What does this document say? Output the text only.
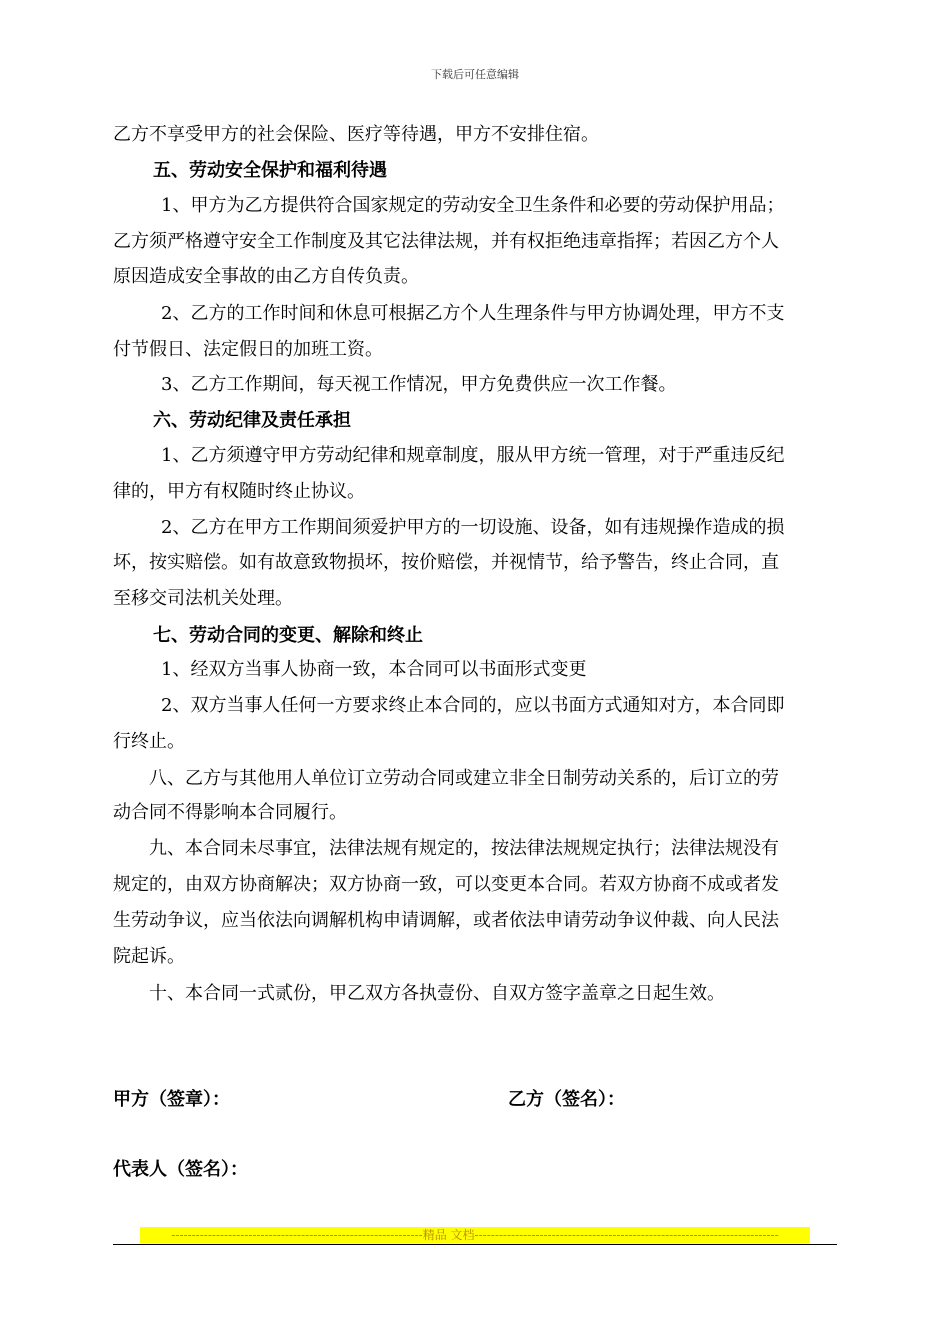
下载后可任意编辑
乙方不享受甲方的社会保险、医疗等待遇，甲方不安排住宿。
五、劳动安全保护和福利待遇
1、甲方为乙方提供符合国家规定的劳动安全卫生条件和必要的劳动保护用品；
乙方须严格遵守安全工作制度及其它法律法规，并有权拒绝违章指挥；若因乙方个人
原因造成安全事故的由乙方自传负责。
2、乙方的工作时间和休息可根据乙方个人生理条件与甲方协调处理，甲方不支
付节假日、法定假日的加班工资。
3、乙方工作期间，每天视工作情况，甲方免费供应一次工作餐。
六、劳动纪律及责任承担
1、乙方须遵守甲方劳动纪律和规章制度，服从甲方统一管理，对于严重违反纪
律的，甲方有权随时终止协议。
2、乙方在甲方工作期间须爱护甲方的一切设施、设备，如有违规操作造成的损
坏，按实赔偿。如有故意致物损坏，按价赔偿，并视情节，给予警告，终止合同，直
至移交司法机关处理。
七、劳动合同的变更、解除和终止
1、经双方当事人协商一致，本合同可以书面形式变更
2、双方当事人任何一方要求终止本合同的，应以书面方式通知对方，本合同即
行终止。
八、乙方与其他用人单位订立劳动合同或建立非全日制劳动关系的，后订立的劳
动合同不得影响本合同履行。
九、本合同未尽事宜，法律法规有规定的，按法律法规规定执行；法律法规没有
规定的，由双方协商解决；双方协商一致，可以变更本合同。若双方协商不成或者发
生劳动争议，应当依法向调解机构申请调解，或者依法申请劳动争议仲裁、向人民法
院起诉。
十、本合同一式贰份，甲乙双方各执壹份、自双方签字盖章之日起生效。
甲方（签章）：	乙方（签名）：
代表人（签名）：
--------------------------------------------------------------精品 文档---------------------------------------------------------------------------
